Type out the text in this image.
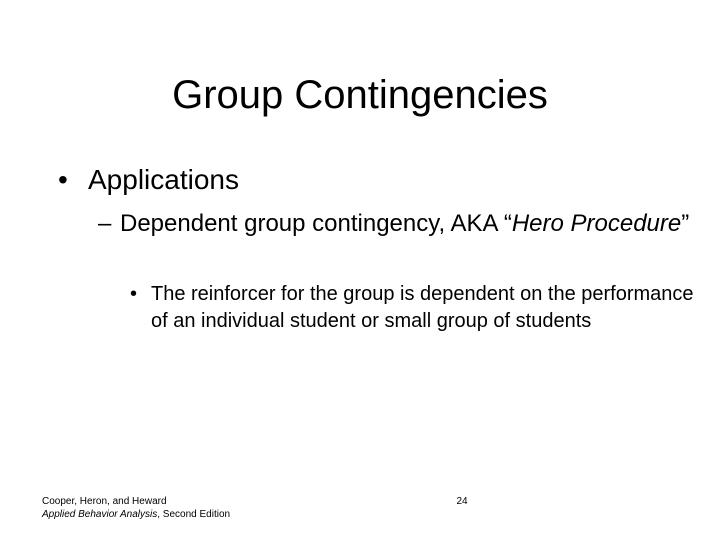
Group Contingencies
• Applications
– Dependent group contingency, AKA “Hero Procedure”
• The reinforcer for the group is dependent on the performance of an individual student or small group of students
Cooper, Heron, and Heward
Applied Behavior Analysis, Second Edition
24
